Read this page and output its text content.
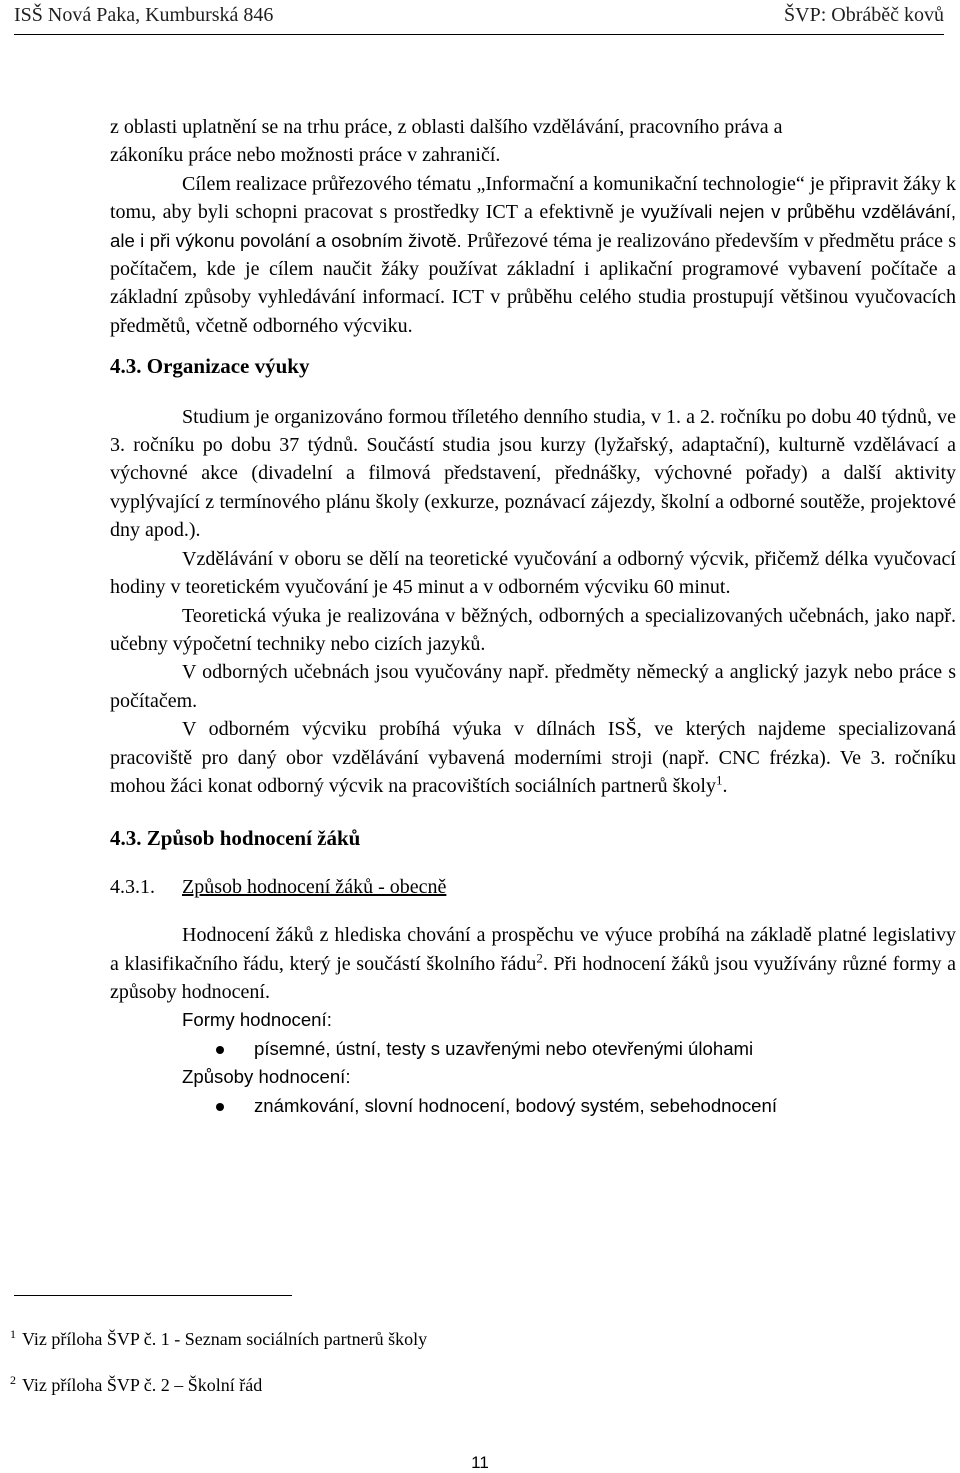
ISŠ Nová Paka, Kumburská 846	ŠVP: Obráběč kovů

z oblasti uplatnění se na trhu práce, z oblasti dalšího vzdělávání, pracovního práva a
zákoníku práce nebo možnosti práce v zahraničí.

Cílem realizace průřezového tématu „Informační a komunikační technologie“ je připravit žáky k tomu, aby byli schopni pracovat s prostředky ICT a efektivně je využívali nejen v průběhu vzdělávání, ale i při výkonu povolání a osobním životě. Průřezové téma je realizováno především v předmětu práce s počítačem, kde je cílem naučit žáky používat základní i aplikační programové vybavení počítače a základní způsoby vyhledávání informací. ICT v průběhu celého studia prostupují většinou vyučovacích předmětů, včetně odborného výcviku.

4.3. Organizace výuky

Studium je organizováno formou tříletého denního studia, v 1. a 2. ročníku po dobu 40 týdnů, ve 3. ročníku po dobu 37 týdnů. Součástí studia jsou kurzy (lyžařský, adaptační), kulturně vzdělávací a výchovné akce (divadelní a filmová představení, přednášky, výchovné pořady) a další aktivity vyplývající z termínového plánu školy (exkurze, poznávací zájezdy, školní a odborné soutěže, projektové dny apod.).

Vzdělávání v oboru se dělí na teoretické vyučování a odborný výcvik, přičemž délka vyučovací hodiny v teoretickém vyučování je 45 minut a v odborném výcviku 60 minut.

Teoretická výuka je realizována v běžných, odborných a specializovaných učebnách, jako např. učebny výpočetní techniky nebo cizích jazyků.

V odborných učebnách jsou vyučovány např. předměty německý a anglický jazyk nebo práce s počítačem.

V odborném výcviku probíhá výuka v dílnách ISŠ, ve kterých najdeme specializovaná pracoviště pro daný obor vzdělávání vybavená moderními stroji (např. CNC frézka). Ve 3. ročníku mohou žáci konat odborný výcvik na pracovištích sociálních partnerů školy$^1$.

4.3. Způsob hodnocení žáků
4.3.1. Způsob hodnocení žáků - obecně

Hodnocení žáků z hlediska chování a prospěchu ve výuce probíhá na základě platné legislativy a klasifikačního řádu, který je součástí školního řádu$^2$. Při hodnocení žáků jsou využívány různé formy a způsoby hodnocení.

Formy hodnocení:
písemné, ústní, testy s uzavřenými nebo otevřenými úlohami
Způsoby hodnocení:
známkování, slovní hodnocení, bodový systém, sebehodnocení

$^1$ Viz příloha ŠVP č. 1 - Seznam sociálních partnerů školy

$^2$ Viz příloha ŠVP č. 2 – Školní řád

11
